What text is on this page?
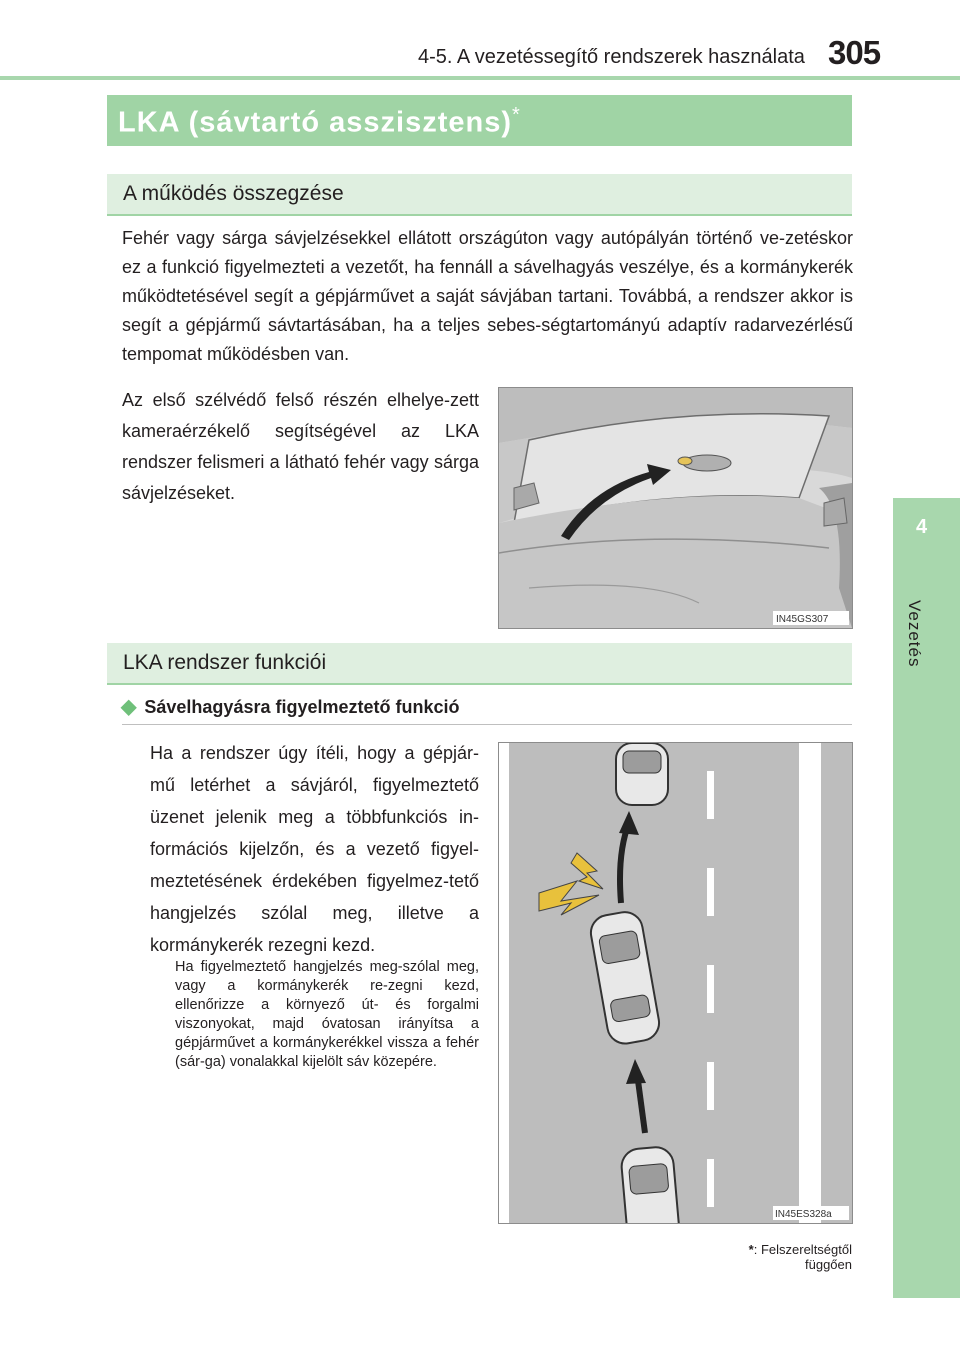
4-5. A vezetéssegítő rendszerek használata 305
4
Vezetés
LKA (sávtartó asszisztens)*
A működés összegzése
Fehér vagy sárga sávjelzésekkel ellátott országúton vagy autópályán történő ve-zetéskor ez a funkció figyelmezteti a vezetőt, ha fennáll a sávelhagyás veszélye, és a kormánykerék működtetésével segít a gépjárművet a saját sávjában tartani. Továbbá, a rendszer akkor is segít a gépjármű sávtartásában, ha a teljes sebes-ségtartományú adaptív radarvezérlésű tempomat működésben van.
Az első szélvédő felső részén elhelye-zett kameraérzékelő segítségével az LKA rendszer felismeri a látható fehér vagy sárga sávjelzéseket.
IN45GS307
LKA rendszer funkciói
◆ Sávelhagyásra figyelmeztető funkció
Ha a rendszer úgy ítéli, hogy a gépjár-mű letérhet a sávjáról, figyelmeztető üzenet jelenik meg a többfunkciós in-formációs kijelzőn, és a vezető figyel-meztetésének érdekében figyelmez-tető hangjelzés szólal meg, illetve a kormánykerék rezegni kezd.
Ha figyelmeztető hangjelzés meg-szólal meg, vagy a kormánykerék re-zegni kezd, ellenőrizze a környező út- és forgalmi viszonyokat, majd óvatosan irányítsa a gépjárművet a kormánykerékkel vissza a fehér (sár-ga) vonalakkal kijelölt sáv közepére.
IN45ES328a
*: Felszereltségtől függően
